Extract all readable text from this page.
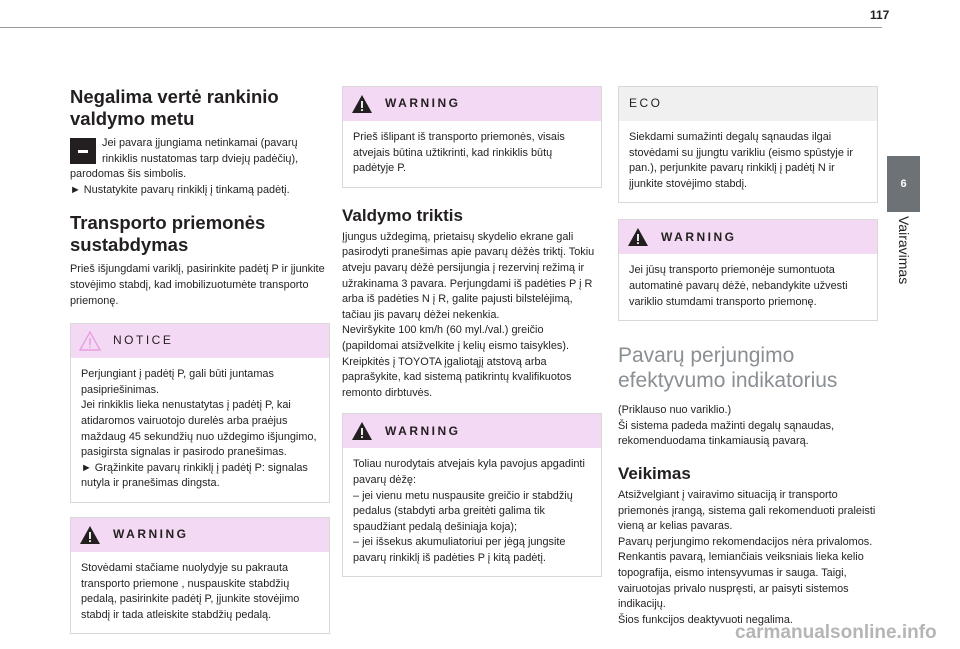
117
6
Vairavimas
Negalima vertė rankinio valdymo metu

Jei pavara įjungiama netinkamai (pavarų rinkiklis nustatomas tarp dviejų padėčių), parodomas šis simbolis.

► Nustatykite pavarų rinkiklį į tinkamą padėtį.

Transporto priemonės sustabdymas

Prieš išjungdami variklį, pasirinkite padėtį P ir įjunkite stovėjimo stabdį, kad imobilizuotumėte transporto priemonę.

NOTICE

Perjungiant į padėtį P, gali būti juntamas pasipriešinimas.

Jei rinkiklis lieka nenustatytas į padėtį P, kai atidaromos vairuotojo durelės arba praėjus maždaug 45 sekundžių nuo uždegimo išjungimo, pasigirsta signalas ir pasirodo pranešimas.

► Grąžinkite pavarų rinkiklį į padėtį P: signalas nutyla ir pranešimas dingsta.

WARNING

Stovėdami stačiame nuolydyje su pakrauta transporto priemone , nuspauskite stabdžių pedalą, pasirinkite padėtį P, įjunkite stovėjimo stabdį ir tada atleiskite stabdžių pedalą.

WARNING

Prieš išlipant iš transporto priemonės, visais atvejais būtina užtikrinti, kad rinkiklis būtų padėtyje P.

Valdymo triktis

Įjungus uždegimą, prietaisų skydelio ekrane gali pasirodyti pranešimas apie pavarų dėžės triktį. Tokiu atveju pavarų dėžė persijungia į rezervinį režimą ir užrakinama 3 pavara. Perjungdami iš padėties P į R arba iš padėties N į R, galite pajusti bilstelėjimą, tačiau jis pavarų dėžei nekenkia.

Neviršykite 100 km/h (60 myl./val.) greičio (papildomai atsižvelkite į kelių eismo taisykles).

Kreipkitės į TOYOTA įgaliotąjį atstovą arba paprašykite, kad sistemą patikrintų kvalifikuotos remonto dirbtuvės.

WARNING

Toliau nurodytais atvejais kyla pavojus apgadinti pavarų dėžę:

– jei vienu metu nuspausite greičio ir stabdžių pedalus (stabdyti arba greitėti galima tik spaudžiant pedalą dešiniąja koja);

– jei išsekus akumuliatoriui per jėgą jungsite pavarų rinkiklį iš padėties P į kitą padėtį.

ECO

Siekdami sumažinti degalų sąnaudas ilgai stovėdami su įjungtu varikliu (eismo spūstyje ir pan.), perjunkite pavarų rinkiklį į padėtį N ir įjunkite stovėjimo stabdį.

WARNING

Jei jūsų transporto priemonėje sumontuota automatinė pavarų dėžė, nebandykite užvesti variklio stumdami transporto priemonę.

Pavarų perjungimo efektyvumo indikatorius

(Priklauso nuo variklio.)

Ši sistema padeda mažinti degalų sąnaudas, rekomenduodama tinkamiausią pavarą.

Veikimas

Atsižvelgiant į vairavimo situaciją ir transporto priemonės įrangą, sistema gali rekomenduoti praleisti vieną ar kelias pavaras.

Pavarų perjungimo rekomendacijos nėra privalomos. Renkantis pavarą, lemiančiais veiksniais lieka kelio topografija, eismo intensyvumas ir sauga. Taigi, vairuotojas privalo nuspręsti, ar paisyti sistemos indikacijų.

Šios funkcijos deaktyvuoti negalima.

carmanualsonline.info
